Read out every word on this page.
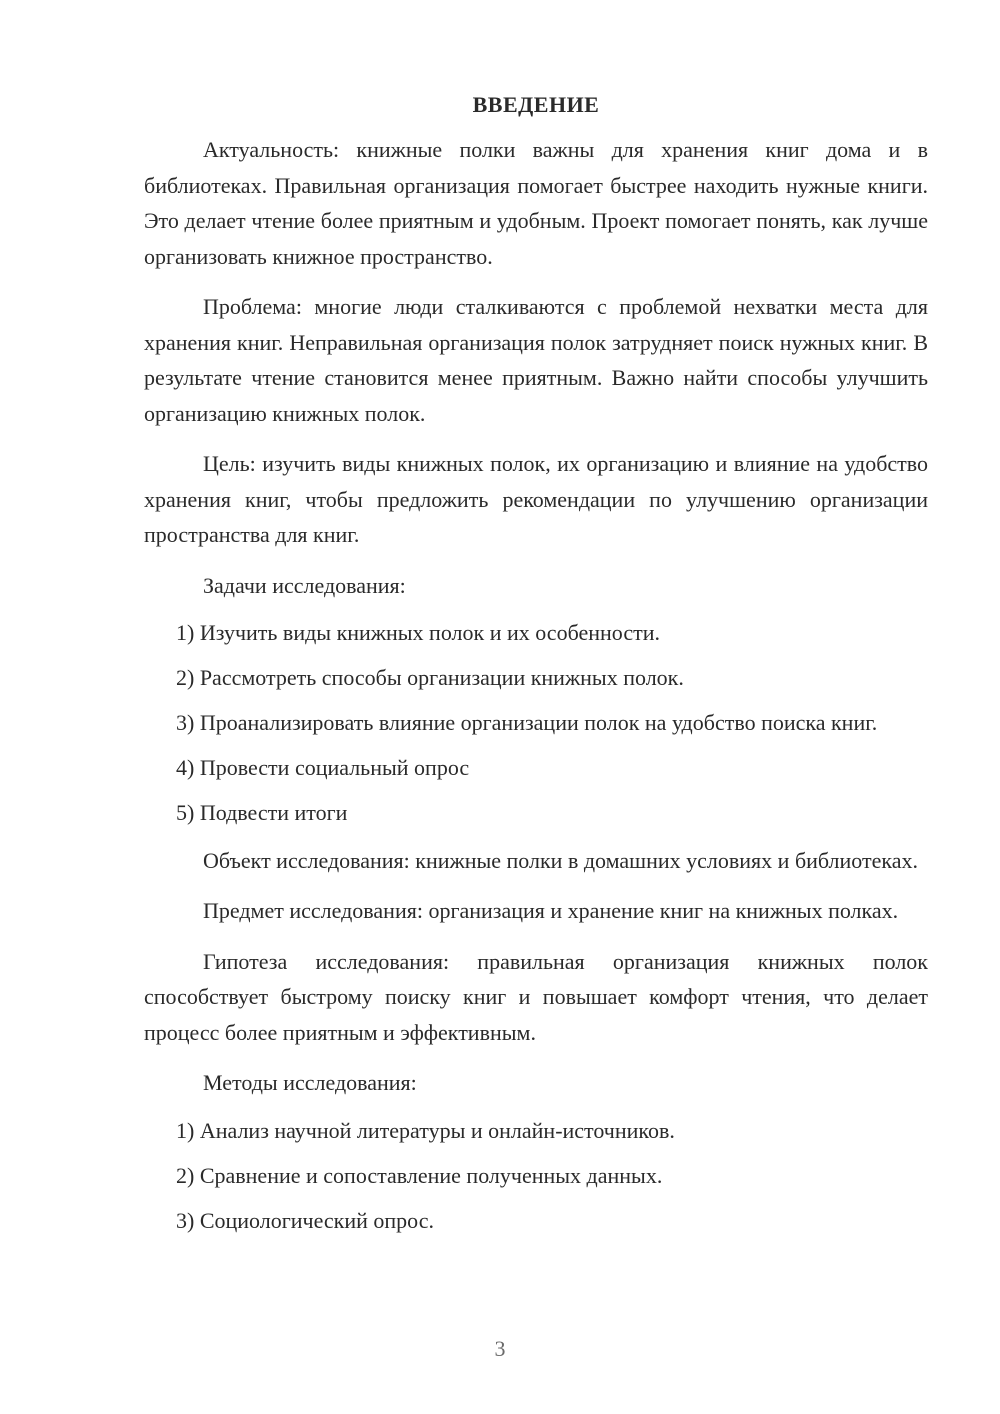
ВВЕДЕНИЕ

Актуальность: книжные полки важны для хранения книг дома и в библиотеках. Правильная организация помогает быстрее находить нужные книги. Это делает чтение более приятным и удобным. Проект помогает понять, как лучше организовать книжное пространство.

Проблема: многие люди сталкиваются с проблемой нехватки места для хранения книг. Неправильная организация полок затрудняет поиск нужных книг. В результате чтение становится менее приятным. Важно найти способы улучшить организацию книжных полок.

Цель: изучить виды книжных полок, их организацию и влияние на удобство хранения книг, чтобы предложить рекомендации по улучшению организации пространства для книг.

Задачи исследования:

1) Изучить виды книжных полок и их особенности.

2) Рассмотреть способы организации книжных полок.

3) Проанализировать влияние организации полок на удобство поиска книг.

4) Провести социальный опрос

5) Подвести итоги

Объект исследования: книжные полки в домашних условиях и библиотеках.

Предмет исследования: организация и хранение книг на книжных полках.

Гипотеза исследования: правильная организация книжных полок способствует быстрому поиску книг и повышает комфорт чтения, что делает процесс более приятным и эффективным.

Методы исследования:

1) Анализ научной литературы и онлайн-источников.

2) Сравнение и сопоставление полученных данных.

3) Социологический опрос.

3
